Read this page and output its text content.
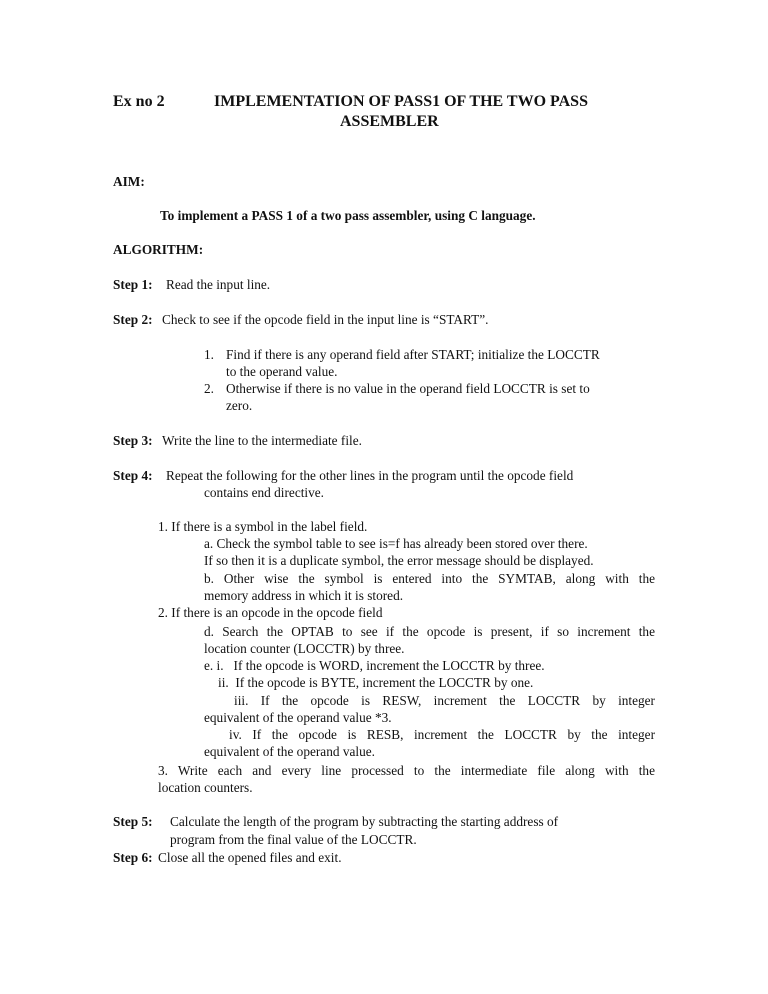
Ex no 2	IMPLEMENTATION OF PASS1 OF THE TWO PASS
ASSEMBLER
AIM:
To implement a PASS 1 of a two pass assembler, using C language.
ALGORITHM:
Step 1: Read the input line.
Step 2: Check to see if the opcode field in the input line is “START”.
1. Find if there is any operand field after START; initialize the LOCCTR
to the operand value.
2. Otherwise if there is no value in the operand field LOCCTR is set to
zero.
Step 3: Write the line to the intermediate file.
Step 4: Repeat the following for the other lines in the program until the opcode field
contains end directive.
1. If there is a symbol in the label field.
a. Check the symbol table to see is=f has already been stored over there.
If so then it is a duplicate symbol, the error message should be displayed.
b. Other wise the symbol is entered into the SYMTAB, along with the
memory address in which it is stored.
2. If there is an opcode in the opcode field
d. Search the OPTAB to see if the opcode is present, if so increment the
location counter (LOCCTR) by three.
e. i.   If the opcode is WORD, increment the LOCCTR by three.
ii.  If the opcode is BYTE, increment the LOCCTR by one.
iii. If the opcode is RESW, increment the LOCCTR by integer
equivalent of the operand value *3.
iv. If the opcode is RESB, increment the LOCCTR by the integer
equivalent of the operand value.
3. Write each and every line processed to the intermediate file along with the
location counters.
Step 5: Calculate the length of the program by subtracting the starting address of
program from the final value of the LOCCTR.
Step 6: Close all the opened files and exit.
